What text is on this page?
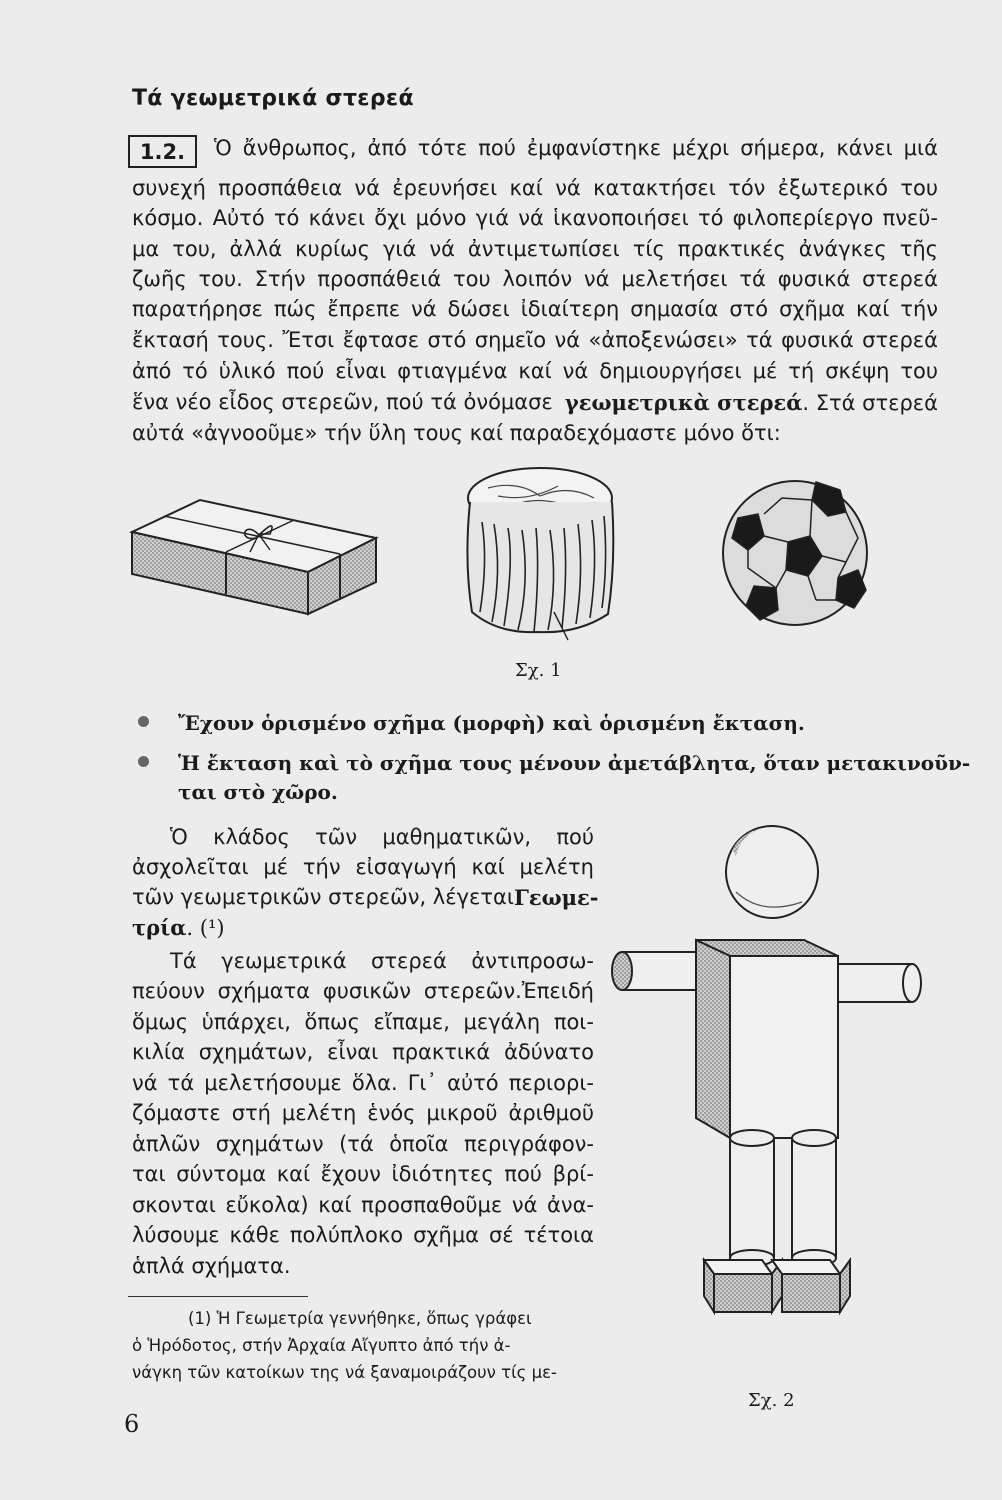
Τά γεωμετρικά στερεά
1.2.	Ὁ ἄνθρωπος, ἀπό τότε πού ἐμφανίστηκε μέχρι σήμερα, κάνει μιά

συνεχή προσπάθεια νά ἐρευνήσει καί νά κατακτήσει τόν ἐξωτερικό του

κόσμο. Αὐτό τό κάνει ὄχι μόνο γιά νά ἱκανοποιήσει τό φιλοπερίεργο πνεῦ-

μα του, ἀλλά κυρίως γιά νά ἀντιμετωπίσει τίς πρακτικές ἀνάγκες τῆς

ζωῆς του. Στήν προσπάθειά του λοιπόν νά μελετήσει τά φυσικά στερεά

παρατήρησε πώς ἔπρεπε νά δώσει ἰδιαίτερη σημασία στό σχῆμα καί τήν

ἔκτασή τους. Ἔτσι ἔφτασε στό σημεῖο νά «ἀποξενώσει» τά φυσικά στερεά

ἀπό τό ὑλικό πού εἶναι φτιαγμένα καί νά δημιουργήσει μέ τή σκέψη του

ἕνα νέο εἶδος στερεῶν, πού τά ὀνόμασε γεωμετρικὰ στερεά. Στά στερεά

αὐτά «ἀγνοοῦμε» τήν ὕλη τους καί παραδεχόμαστε μόνο ὅτι:

Σχ. 1

Ἔχουν ὁρισμένο σχῆμα (μορφὴ) καὶ ὁρισμένη ἔκταση.

Ἡ ἔκταση καὶ τὸ σχῆμα τους μένουν ἀμετάβλητα, ὅταν μετακινοῦν-

ται στὸ χῶρο.

Ὁ κλάδος τῶν μαθηματικῶν, πού

ἀσχολεῖται μέ τήν εἰσαγωγή καί μελέτη

τῶν γεωμετρικῶν στερεῶν, λέγεται Γεωμε-

τρία. (¹)

Τά γεωμετρικά στερεά ἀντιπροσω-

πεύουν σχήματα φυσικῶν στερεῶν.Ἐπειδή

ὅμως ὑπάρχει, ὅπως εἴπαμε, μεγάλη ποι-

κιλία σχημάτων, εἶναι πρακτικά ἀδύνατο

νά τά μελετήσουμε ὅλα. Γι᾽ αὐτό περιορι-

ζόμαστε στή μελέτη ἑνός μικροῦ ἀριθμοῦ

ἁπλῶν σχημάτων (τά ὁποῖα περιγράφον-

ται σύντομα καί ἔχουν ἰδιότητες πού βρί-

σκονται εὔκολα) καί προσπαθοῦμε νά ἀνα-

λύσουμε κάθε πολύπλοκο σχῆμα σέ τέτοια

ἁπλά σχήματα.

Σχ. 2

(1) Ἡ Γεωμετρία γεννήθηκε, ὅπως γράφει

ὁ Ἡρόδοτος, στήν Ἀρχαία Αἴγυπτο ἀπό τήν ἀ-

νάγκη τῶν κατοίκων της νά ξαναμοιράζουν τίς με-

6
